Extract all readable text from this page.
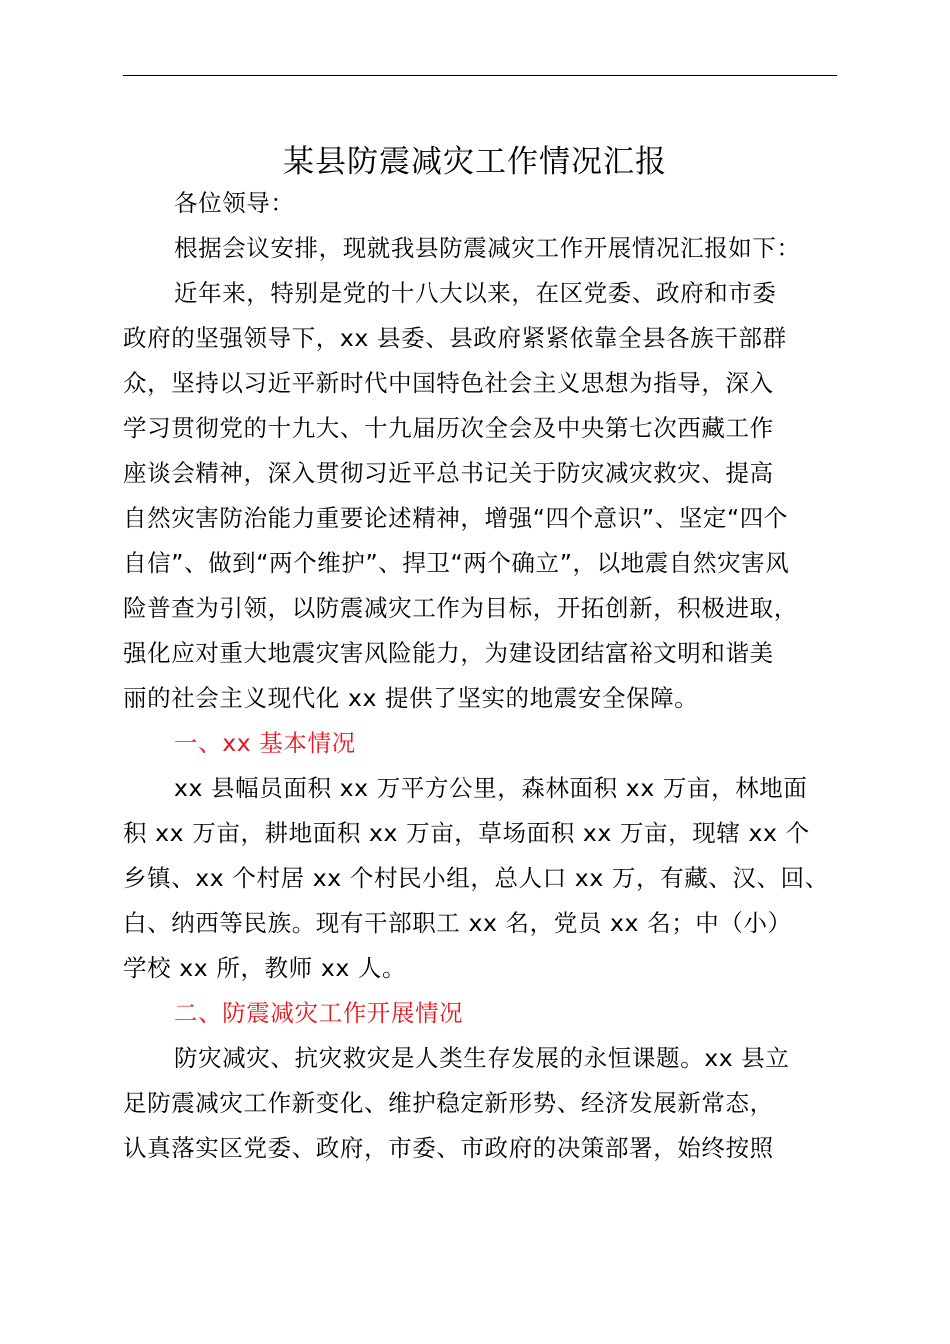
某县防震减灾工作情况汇报
各位领导：
根据会议安排，现就我县防震减灾工作开展情况汇报如下：
近年来，特别是党的十八大以来，在区党委、政府和市委
政府的坚强领导下，xx 县委、县政府紧紧依靠全县各族干部群
众，坚持以习近平新时代中国特色社会主义思想为指导，深入
学习贯彻党的十九大、十九届历次全会及中央第七次西藏工作
座谈会精神，深入贯彻习近平总书记关于防灾减灾救灾、提高
自然灾害防治能力重要论述精神，增强“四个意识”、坚定“四个
自信”、做到“两个维护”、捍卫“两个确立”，以地震自然灾害风
险普查为引领，以防震减灾工作为目标，开拓创新，积极进取，
强化应对重大地震灾害风险能力，为建设团结富裕文明和谐美
丽的社会主义现代化 xx 提供了坚实的地震安全保障。
一、xx 基本情况
xx 县幅员面积 xx 万平方公里，森林面积 xx 万亩，林地面
积 xx 万亩，耕地面积 xx 万亩，草场面积 xx 万亩，现辖 xx 个
乡镇、xx 个村居 xx 个村民小组，总人口 xx 万，有藏、汉、回、
白、纳西等民族。现有干部职工 xx 名，党员 xx 名；中（小）
学校 xx 所，教师 xx 人。
二、防震减灾工作开展情况
防灾减灾、抗灾救灾是人类生存发展的永恒课题。xx 县立
足防震减灾工作新变化、维护稳定新形势、经济发展新常态，
认真落实区党委、政府，市委、市政府的决策部署，始终按照
